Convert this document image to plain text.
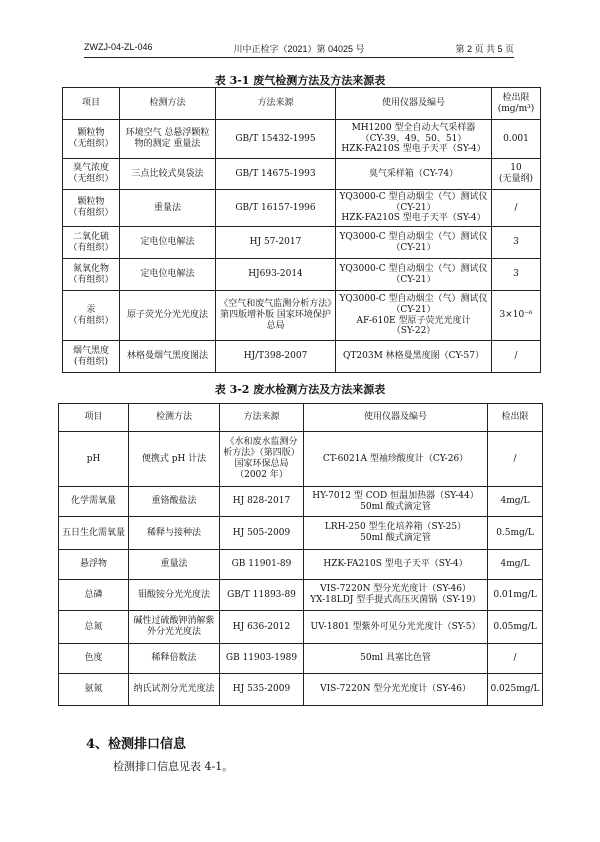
ZWZJ-04-ZL-046	川中正检字（2021）第 04025 号	第 2 页 共 5 页
表 3-1 废气检测方法及方法来源表
项目	检测方法	方法来源	使用仪器及编号	检出限
(mg/m³)

颗粒物
（无组织）	环境空气 总悬浮颗粒物的测定 重量法	GB/T 15432-1995	MH1200 型全自动大气采样器
（CY-39、49、50、51）
HZK-FA210S 型电子天平（SY-4）	0.001
臭气浓度
（无组织）	三点比较式臭袋法	GB/T 14675-1993	臭气采样箱（CY-74）	10
(无量纲)
颗粒物
（有组织）	重量法	GB/T 16157-1996	YQ3000-C 型自动烟尘（气）测试仪（CY-21）
HZK-FA210S 型电子天平（SY-4）	/
二氧化硫
（有组织）	定电位电解法	HJ 57-2017	YQ3000-C 型自动烟尘（气）测试仪（CY-21）	3
氮氧化物
（有组织）	定电位电解法	HJ693-2014	YQ3000-C 型自动烟尘（气）测试仪（CY-21）	3
汞
（有组织）	原子荧光分光光度法	《空气和废气监测分析方法》第四版增补版 国家环境保护总局	YQ3000-C 型自动烟尘（气）测试仪（CY-21）
AF-610E 型原子荧光光度计
（SY-22）	3×10⁻⁶
烟气黑度
(有组织)	林格曼烟气黑度图法	HJ/T398-2007	QT203M 林格曼黑度图（CY-57）	/
表 3-2 废水检测方法及方法来源表
项目	检测方法	方法来源	使用仪器及编号	检出限
pH	便携式 pH 计法	《水和废水监测分析方法》（第四版）国家环保总局（2002 年）	CT-6021A 型袖珍酸度计（CY-26）	/
化学需氧量	重铬酸盐法	HJ 828-2017	HY-7012 型 COD 恒温加热器（SY-44）
50ml 酸式滴定管	4mg/L
五日生化需氧量	稀释与接种法	HJ 505-2009	LRH-250 型生化培养箱（SY-25）
50ml 酸式滴定管	0.5mg/L
悬浮物	重量法	GB 11901-89	HZK-FA210S 型电子天平（SY-4）	4mg/L
总磷	钼酸铵分光光度法	GB/T 11893-89	VIS-7220N 型分光光度计（SY-46）
YX-18LDJ 型手提式高压灭菌锅（SY-19）	0.01mg/L
总氮	碱性过硫酸钾消解紫外分光光度法	HJ 636-2012	UV-1801 型紫外可见分光光度计（SY-5）	0.05mg/L
色度	稀释倍数法	GB 11903-1989	50ml 具塞比色管	/
氨氮	纳氏试剂分光光度法	HJ 535-2009	VIS-7220N 型分光光度计（SY-46）	0.025mg/L
4、检测排口信息
检测排口信息见表 4-1。
